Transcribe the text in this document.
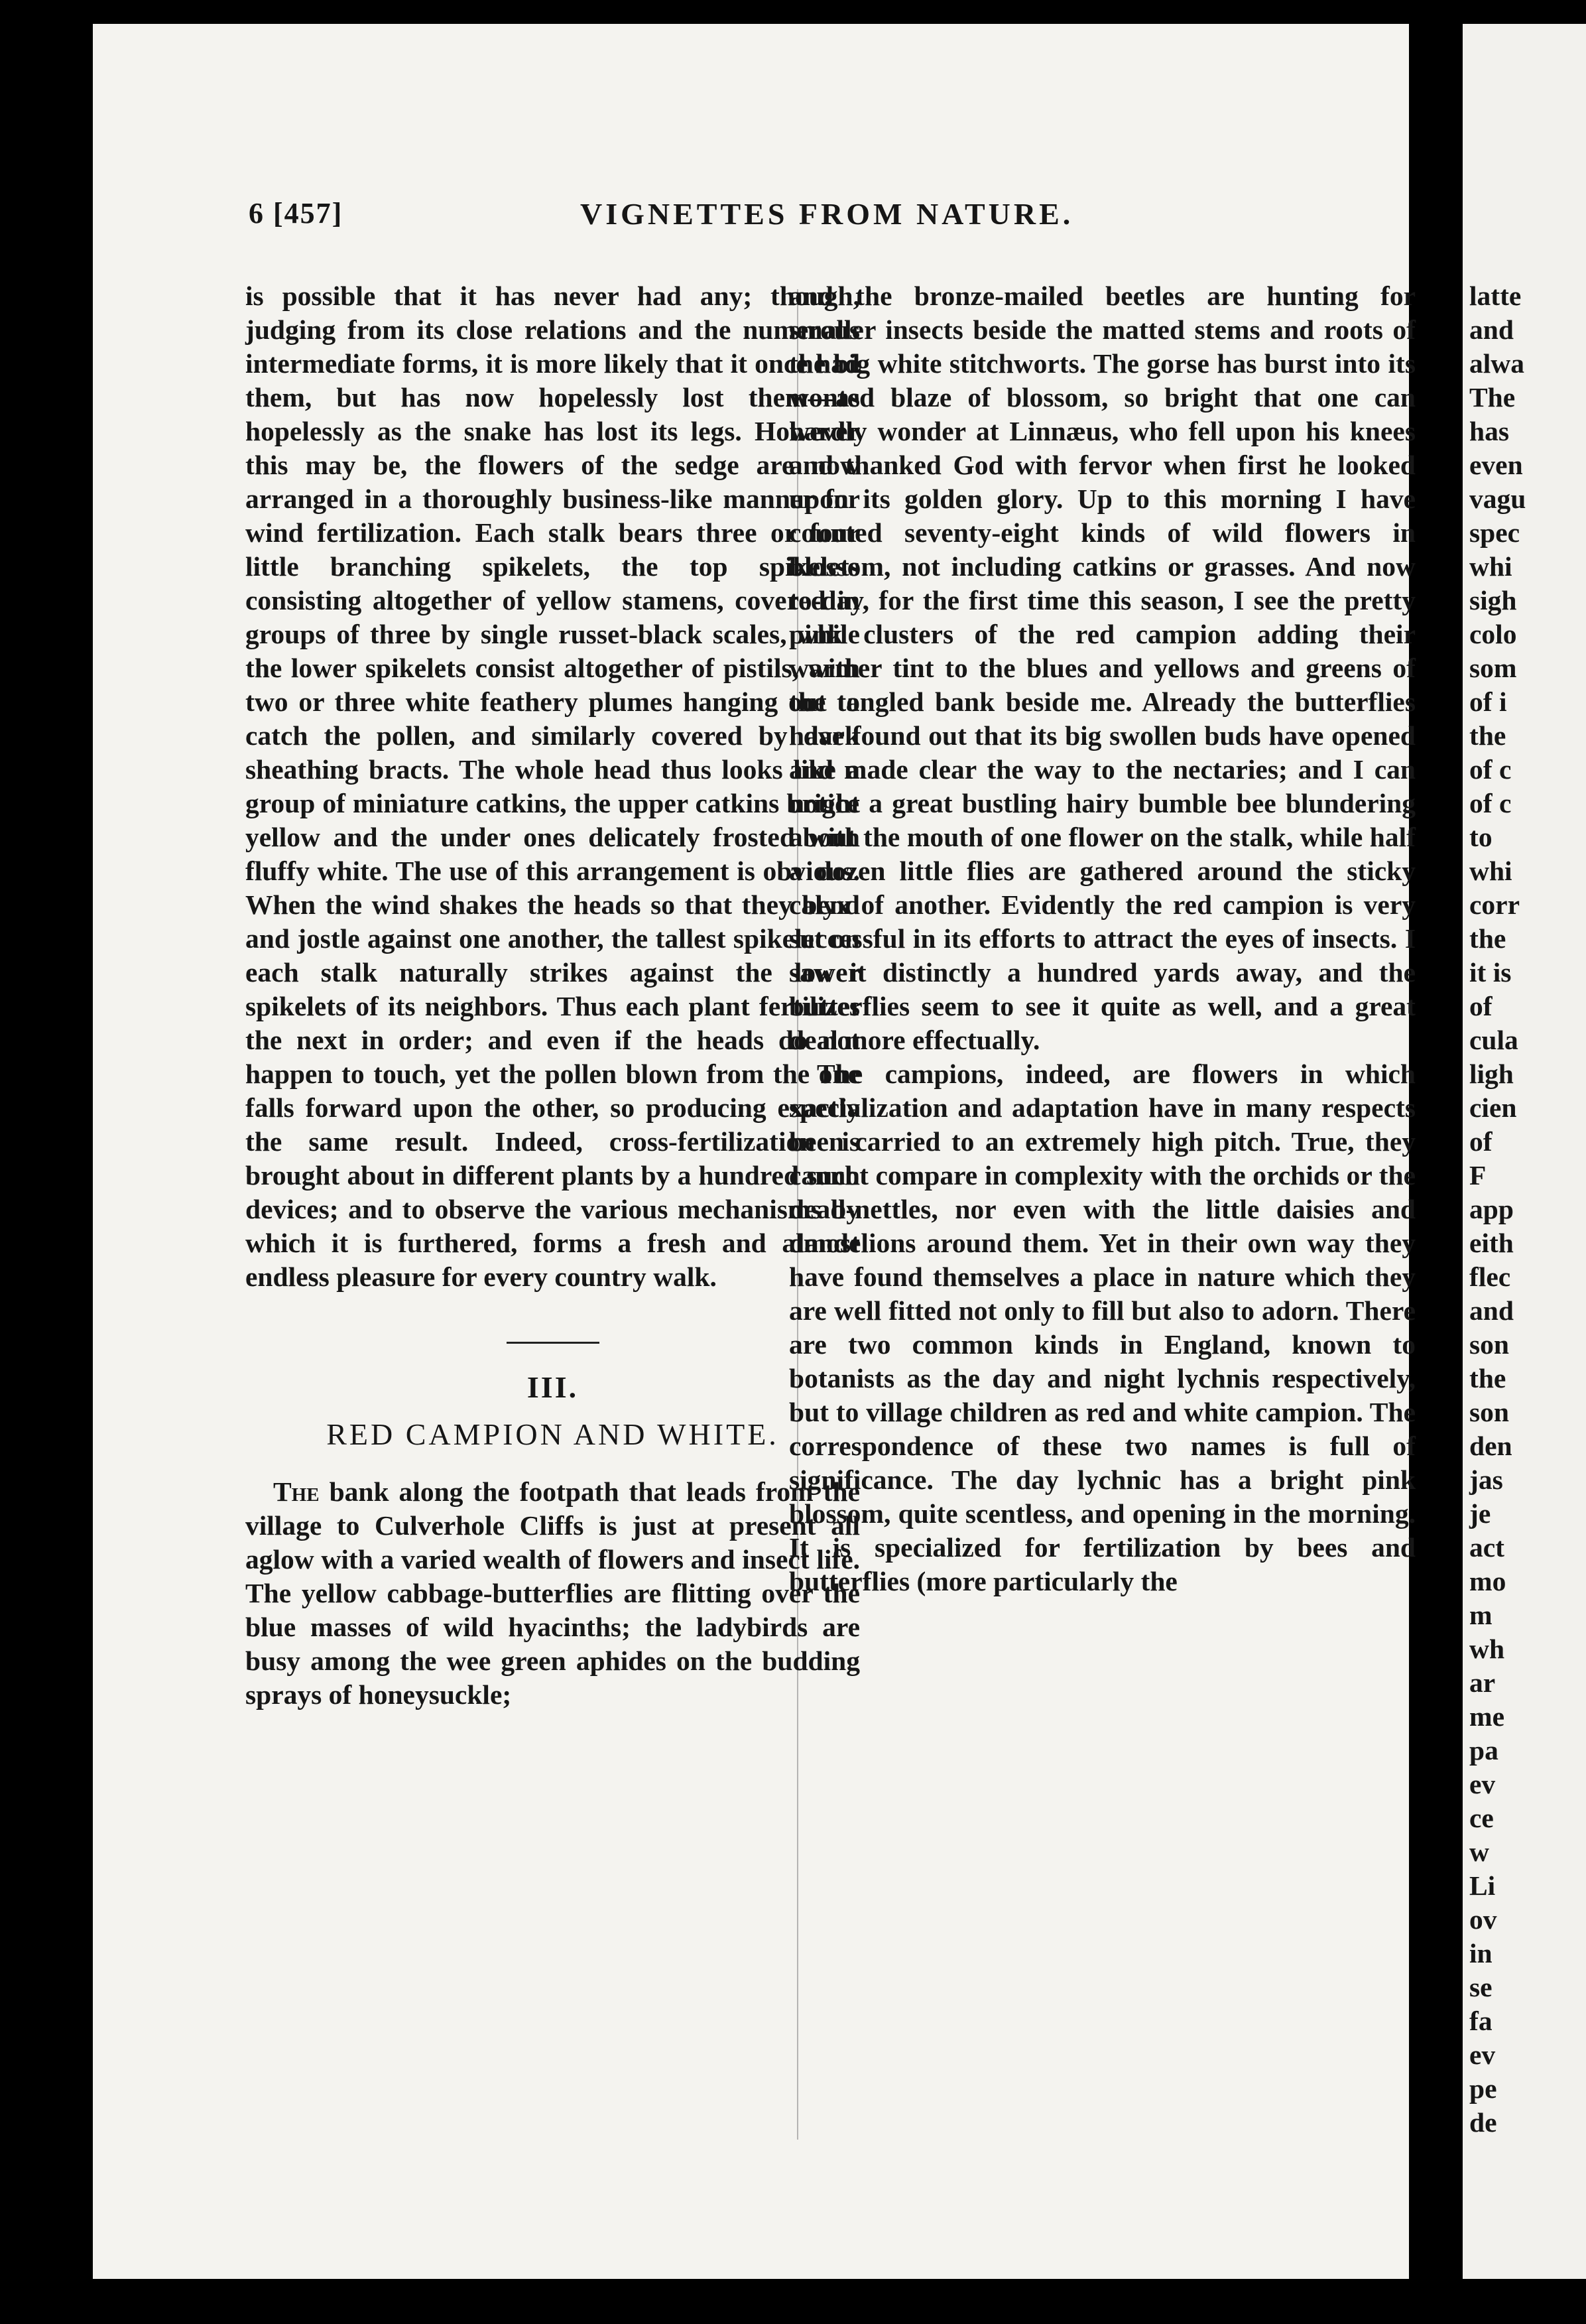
6 [457]	VIGNETTES FROM NATURE.

is possible that it has never had any; though, judging from its close relations and the numerous intermediate forms, it is more likely that it once had them, but has now hopelessly lost them—as hopelessly as the snake has lost its legs. However this may be, the flowers of the sedge are now arranged in a thoroughly business-like manner for wind fertilization. Each stalk bears three or four little branching spikelets, the top spikelets consisting altogether of yellow stamens, covered in groups of three by single russet-black scales, while the lower spikelets consist altogether of pistils, with two or three white feathery plumes hanging out to catch the pollen, and similarly covered by dark sheathing bracts. The whole head thus looks like a group of miniature catkins, the upper catkins bright yellow and the under ones delicately frosted with fluffy white. The use of this arrangement is obvious. When the wind shakes the heads so that they bend and jostle against one another, the tallest spikelet on each stalk naturally strikes against the lower spikelets of its neighbors. Thus each plant fertilizes the next in order; and even if the heads do not happen to touch, yet the pollen blown from the one falls forward upon the other, so producing exactly the same result. Indeed, cross-fertilization is brought about in different plants by a hundred such devices; and to observe the various mechanisms by which it is furthered, forms a fresh and almost endless pleasure for every country walk.

III.
RED CAMPION AND WHITE.

The bank along the footpath that leads from the village to Culverhole Cliffs is just at present all aglow with a varied wealth of flowers and insect life. The yellow cabbage-butterflies are flitting over the blue masses of wild hyacinths; the ladybirds are busy among the wee green aphides on the budding sprays of honeysuckle;

and the bronze-mailed beetles are hunting for smaller insects beside the matted stems and roots of the big white stitchworts. The gorse has burst into its wonted blaze of blossom, so bright that one can hardly wonder at Linnæus, who fell upon his knees and thanked God with fervor when first he looked upon its golden glory. Up to this morning I have counted seventy-eight kinds of wild flowers in blossom, not including catkins or grasses. And now to-day, for the first time this season, I see the pretty pink clusters of the red campion adding their warmer tint to the blues and yellows and greens of the tangled bank beside me. Already the butterflies have found out that its big swollen buds have opened and made clear the way to the nectaries; and I can notice a great bustling hairy bumble bee blundering about the mouth of one flower on the stalk, while half a dozen little flies are gathered around the sticky calyx of another. Evidently the red campion is very successful in its efforts to attract the eyes of insects. I saw it distinctly a hundred yards away, and the butterflies seem to see it quite as well, and a great deal more effectually.

The campions, indeed, are flowers in which specialization and adaptation have in many respects been carried to an extremely high pitch. True, they cannot compare in complexity with the orchids or the dead-nettles, nor even with the little daisies and dandelions around them. Yet in their own way they have found themselves a place in nature which they are well fitted not only to fill but also to adorn. There are two common kinds in England, known to botanists as the day and night lychnis respectively, but to village children as red and white campion. The correspondence of these two names is full of significance. The day lychnic has a bright pink blossom, quite scentless, and opening in the morning. It is specialized for fertilization by bees and butterflies (more particularly the

latte
and
alwa
The
has
even
vagu
spec
whi
sigh
colo
som
of i
the
of c
of c
to
whi
corr
the
it is
of
cula
ligh
cien
of
F
app
eith
flec
and
son
the
son
den
jas
je
act
mo
m
wh
ar
me
pa
ev
ce
w
Li
ov
in
se
fa
ev
pe
de
